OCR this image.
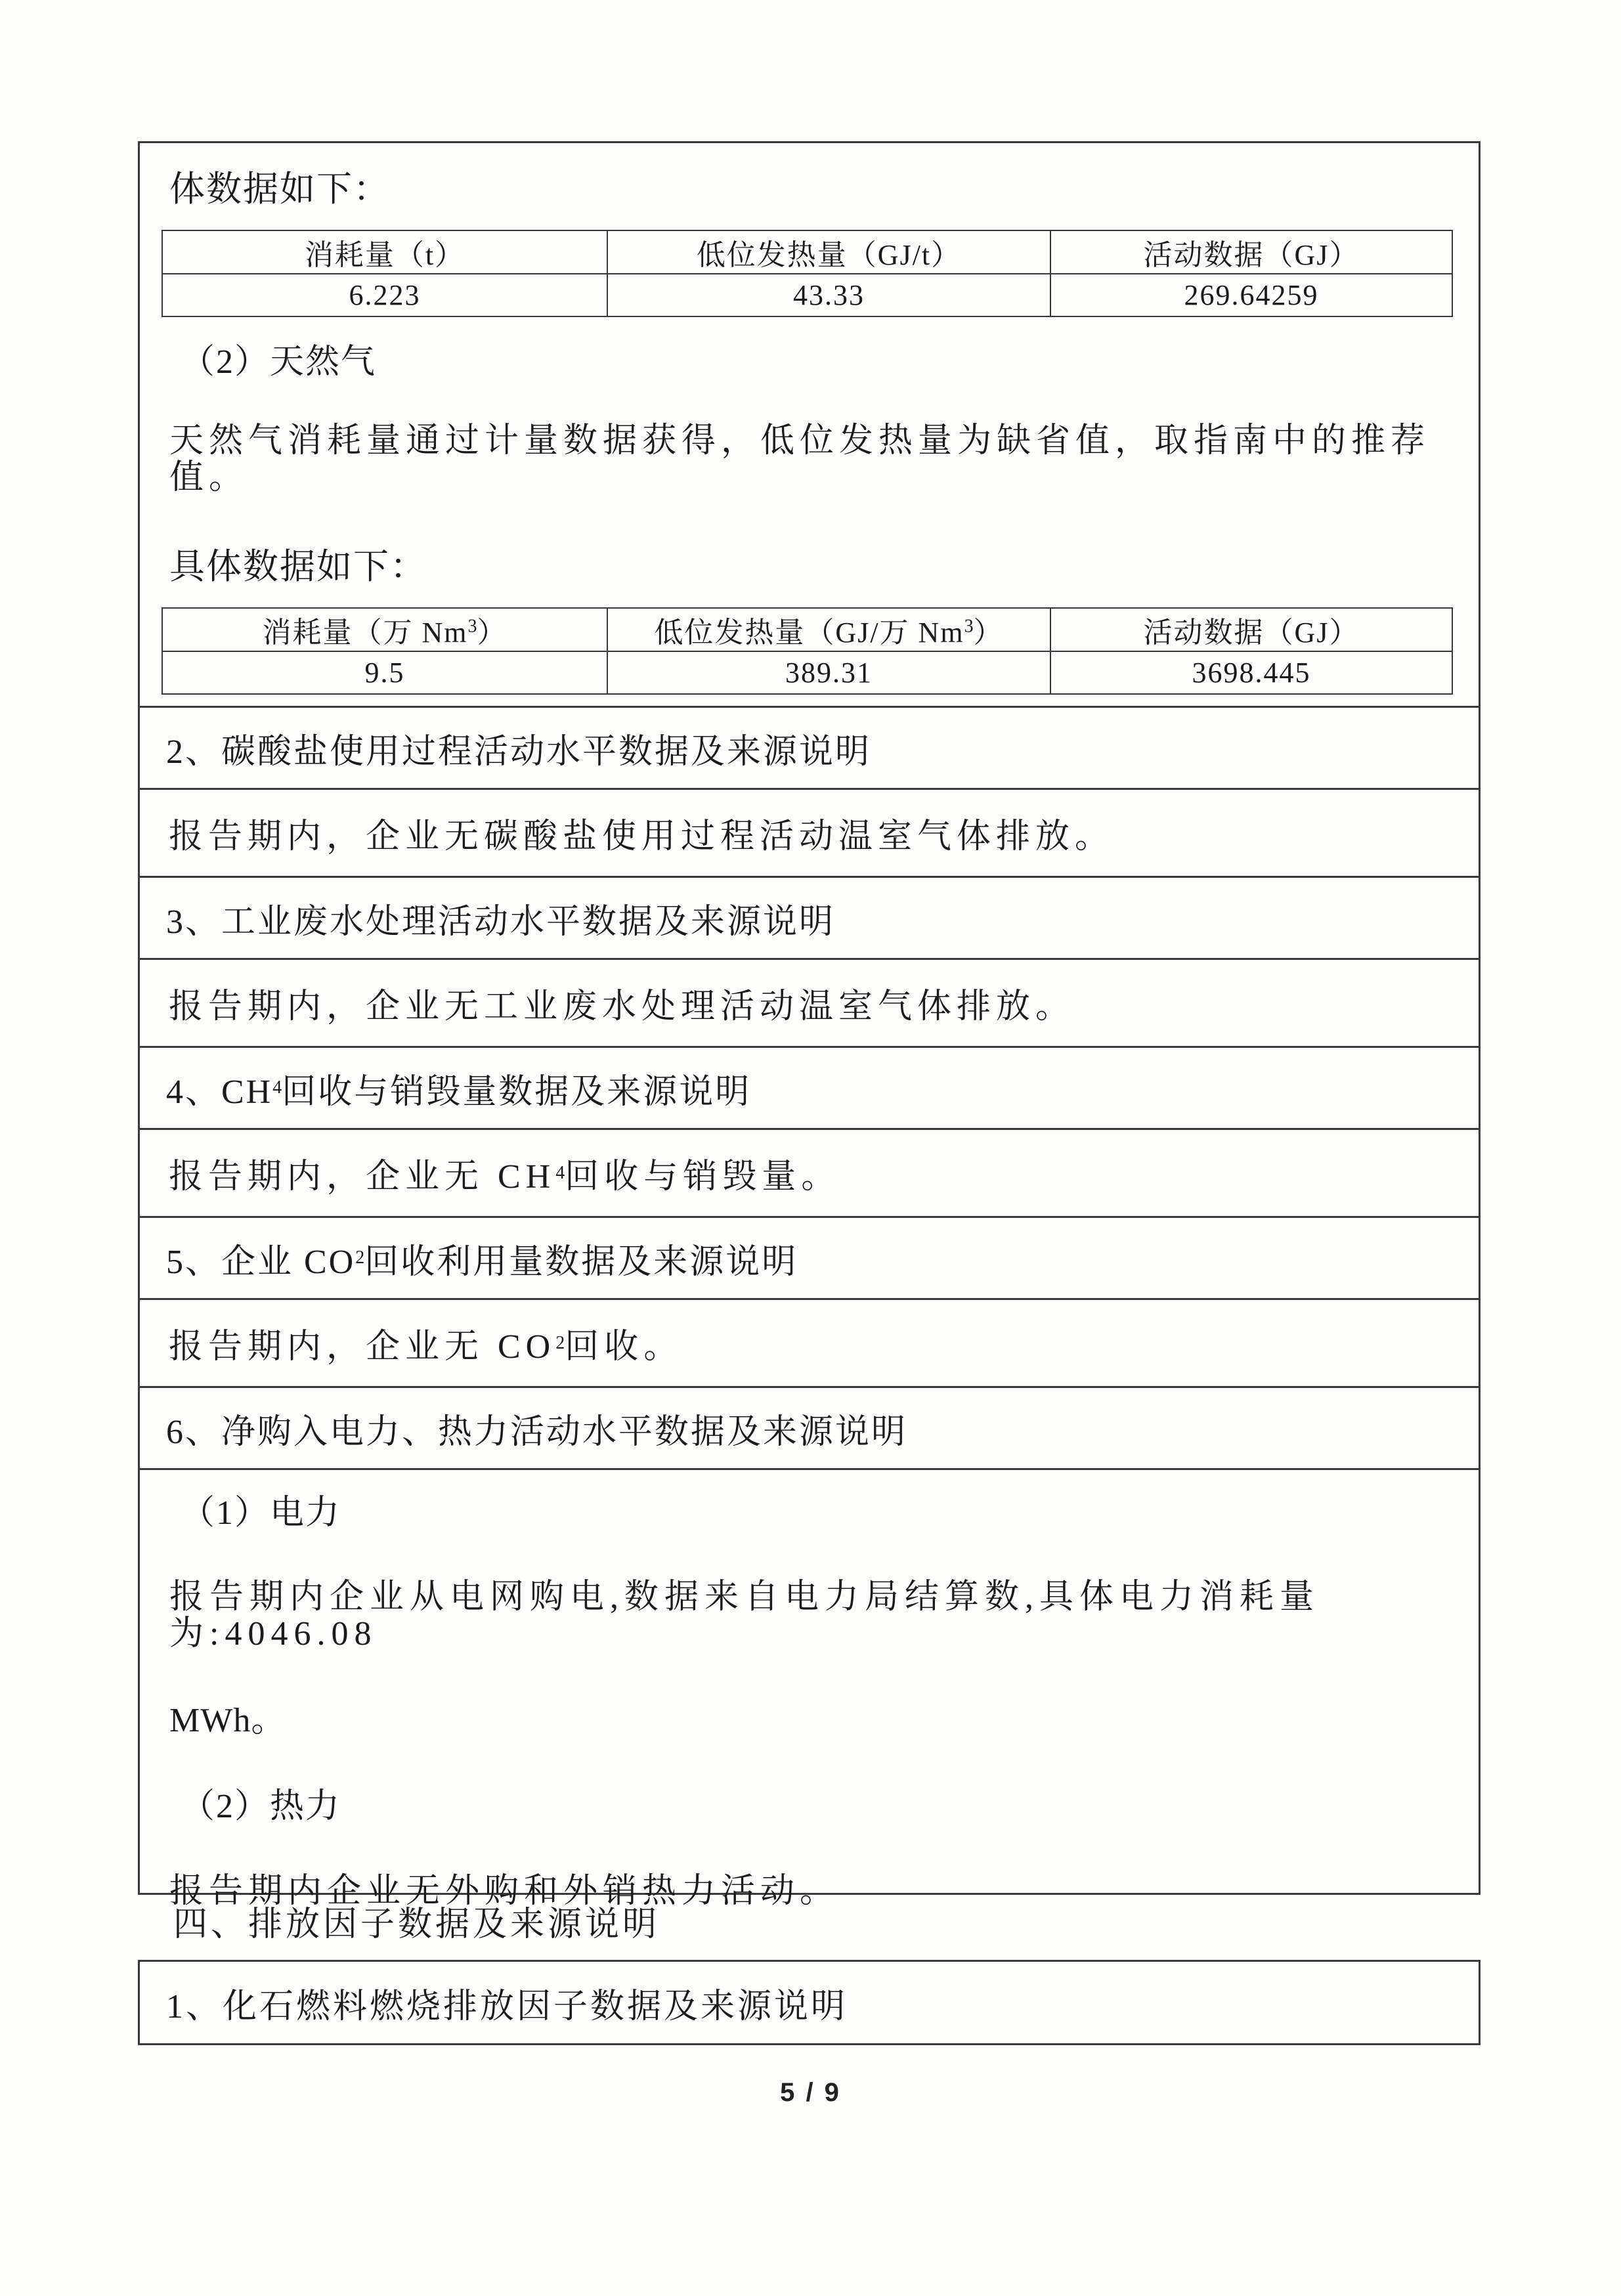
体数据如下：
消耗量（t）	低位发热量（GJ/t）	活动数据（GJ）
6.223	43.33	269.64259
（2）天然气
天然气消耗量通过计量数据获得，低位发热量为缺省值，取指南中的推荐值。
具体数据如下：
消耗量（万 Nm$^3$）	低位发热量（GJ/万 Nm$^3$）	活动数据（GJ）
9.5	389.31	3698.445
2、碳酸盐使用过程活动水平数据及来源说明
报告期内，企业无碳酸盐使用过程活动温室气体排放。
3、工业废水处理活动水平数据及来源说明
报告期内，企业无工业废水处理活动温室气体排放。
4、CH 4 回收与销毁量数据及来源说明
报告期内，企业无 CH 4 回收与销毁量。
5、企业 CO 2 回收利用量数据及来源说明
报告期内，企业无 CO 2 回收。
6、净购入电力、热力活动水平数据及来源说明
（1）电力
报告期内企业从电网购电,数据来自电力局结算数,具体电力消耗量为:4046.08
MWh。
（2）热力
报告期内企业无外购和外销热力活动。
四、排放因子数据及来源说明
1、化石燃料燃烧排放因子数据及来源说明
5 / 9
